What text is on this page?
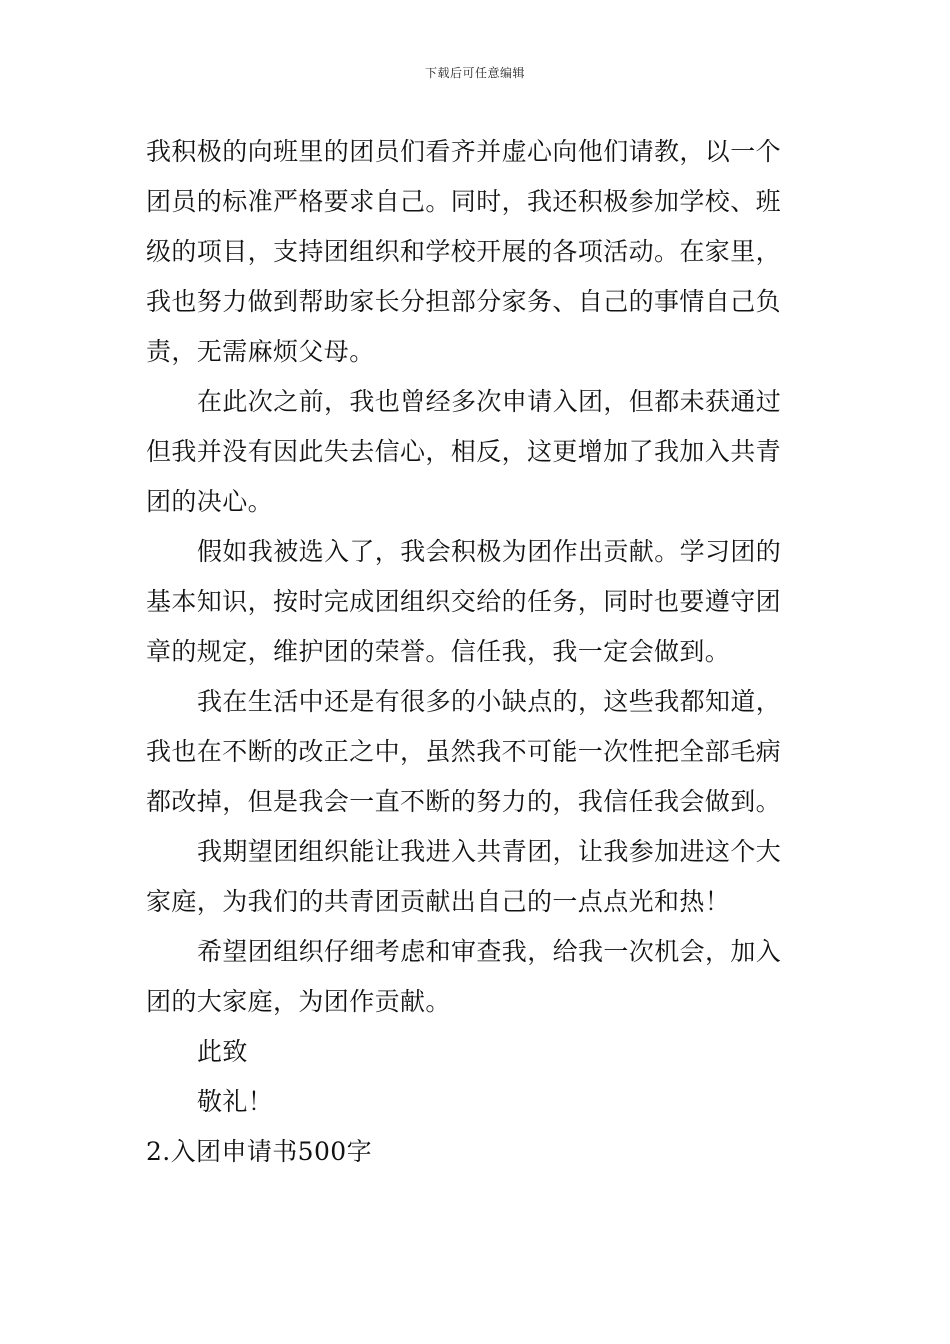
下载后可任意编辑
我积极的向班里的团员们看齐并虚心向他们请教，以一个
团员的标准严格要求自己。同时，我还积极参加学校、班
级的项目，支持团组织和学校开展的各项活动。在家里，
我也努力做到帮助家长分担部分家务、自己的事情自己负
责，无需麻烦父母。
在此次之前，我也曾经多次申请入团，但都未获通过
但我并没有因此失去信心，相反，这更增加了我加入共青
团的决心。
假如我被选入了，我会积极为团作出贡献。学习团的
基本知识，按时完成团组织交给的任务，同时也要遵守团
章的规定，维护团的荣誉。信任我，我一定会做到。
我在生活中还是有很多的小缺点的，这些我都知道，
我也在不断的改正之中，虽然我不可能一次性把全部毛病
都改掉，但是我会一直不断的努力的，我信任我会做到。
我期望团组织能让我进入共青团，让我参加进这个大
家庭，为我们的共青团贡献出自己的一点点光和热！
希望团组织仔细考虑和审查我，给我一次机会，加入
团的大家庭，为团作贡献。
此致
敬礼！
2.入团申请书500字
